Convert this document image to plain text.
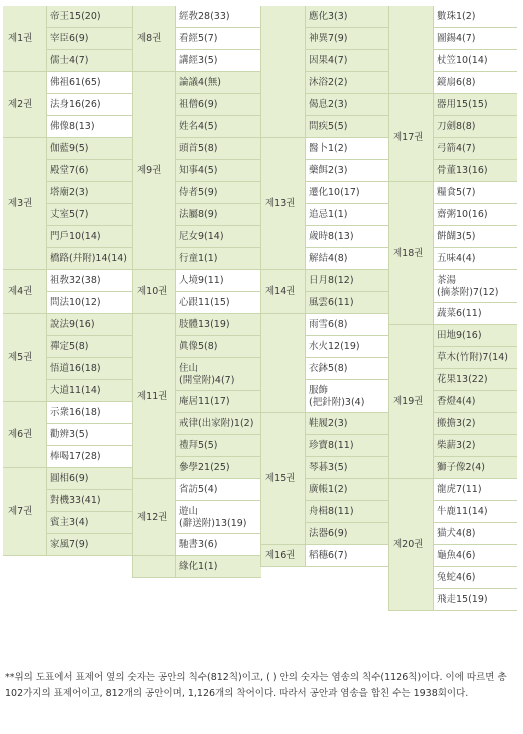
帝王15(20)
宰臣6(9)
儒士4(7)
제1권
佛祖61(65)
法身16(26)
佛像8(13)
제2권
伽藍9(5)
殿堂7(6)
塔廟2(3)
丈室5(7)
門戶10(14)
橋路(幷附)14(14)
제3권
祖敎32(38)
問法10(12)
제4권
說法9(16)
禪定5(8)
悟道16(18)
大道11(14)
제5권
示衆16(18)
勸辨3(5)
棒喝17(28)
제6권
圓相6(9)
對機33(41)
賓主3(4)
家風7(9)
제7권
經敎28(33)
看經5(7)
講經3(5)
제8권
論議4(無)
祖僧6(9)
姓名4(5)
頭首5(8)
知事4(5)
侍者5(9)
法屬8(9)
尼女9(14)
行童1(1)
제9권
人境9(11)
心跟11(15)
제10권
肢體13(19)
眞像5(8)
住山
(開堂附)4(7)
庵居11(17)
戒律(出家附)1(2)
禮拜5(5)
參學21(25)
제11권
省訪5(4)
遊山
(辭送附)13(19)
馳書3(6)
제12권
緣化1(1)
應化3(3)
神異7(9)
因果4(7)
沐浴2(2)
偈息2(3)
問疾5(5)
醫卜1(2)
藥餌2(3)
遷化10(17)
追忌1(1)
歲時8(13)
解結4(8)
제13권
日月8(12)
風雲6(11)
제14권
雨雪6(8)
水火12(19)
衣鉢5(8)
服飾
(把針附)3(4)
鞋履2(3)
珍寶8(11)
琴碁3(5)
廣帳1(2)
舟楫8(11)
法器6(9)
제15권
稻穗6(7)
제16권
數珠1(2)
圖錫4(7)
杖笠10(14)
鏡扇6(8)
器用15(15)
刀劍8(8)
弓箭4(7)
骨董13(16)
제17권
糧食5(7)
齋粥10(16)
餠餬3(5)
五味4(4)
茶湯
(摘茶附)7(12)
蔬菜6(11)
제18권
田地9(16)
草木(竹附)7(14)
花果13(22)
香燈4(4)
搬擔3(2)
柴薪3(2)
獅子像2(4)
제19권
龍虎7(11)
牛鹿11(14)
猫犬4(8)
龜魚4(6)
兔蛇4(6)
飛走15(19)
제20권

**위의 도표에서 표제어 옆의 숫자는 공안의 칙수(812칙)이고, ( ) 안의 숫자는 염송의 칙수(1126칙)이다. 이에 따르면 총 102가지의 표제어이고, 812개의 공안이며, 1,126개의 착어이다. 따라서 공안과 염송을 합친 수는 1938회이다.
